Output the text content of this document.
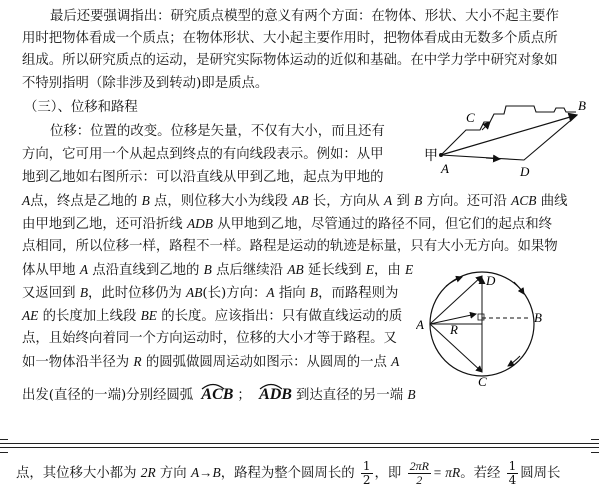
最后还要强调指出：研究质点模型的意义有两个方面：在物体、形状、大小不起主要作
用时把物体看成一个质点；在物体形状、大小起主要作用时，把物体看成由无数多个质点所
组成。所以研究质点的运动，是研究实际物体运动的近似和基础。在中学力学中研究对象如
不特别指明（除非涉及到转动)即是质点。
（三）、位移和路程
位移：位置的改变。位移是矢量，不仅有大小，而且还有
方向，它可用一个从起点到终点的有向线段表示。例如：从甲
地到乙地如右图所示：可以沿直线从甲到乙地，起点为甲地的
A点，终点是乙地的 B 点，则位移大小为线段 AB 长，方向从 A 到 B 方向。还可沿 ACB 曲线
由甲地到乙地，还可沿折线 ADB 从甲地到乙地，尽管通过的路径不同，但它们的起点和终
点相同，所以位移一样，路程不一样。路程是运动的轨迹是标量，只有大小无方向。如果物
体从甲地 A 点沿直线到乙地的 B 点后继续沿 AB 延长线到 E，由 E
又返回到 B，此时位移仍为 AB(长)方向：A 指向 B，而路程则为
AE 的长度加上线段 BE 的长度。应该指出：只有做直线运动的质
点，且始终向着同一个方向运动时，位移的大小才等于路程。又
如一物体沿半径为 R 的圆弧做圆周运动如图示：从圆周的一点 A
出发(直径的一端)分别经圆弧 ACB ； ADB 到达直径的另一端 B
点，其位移大小都为 2R 方向 A→B，路程为整个圆周长的 $\frac{1}{2}$ ，即 $\frac{2\pi R}{2} = \pi R$。若经 $\frac{1}{4}$ 圆周长
甲
A
B
C
D
A	B
C
D
R
